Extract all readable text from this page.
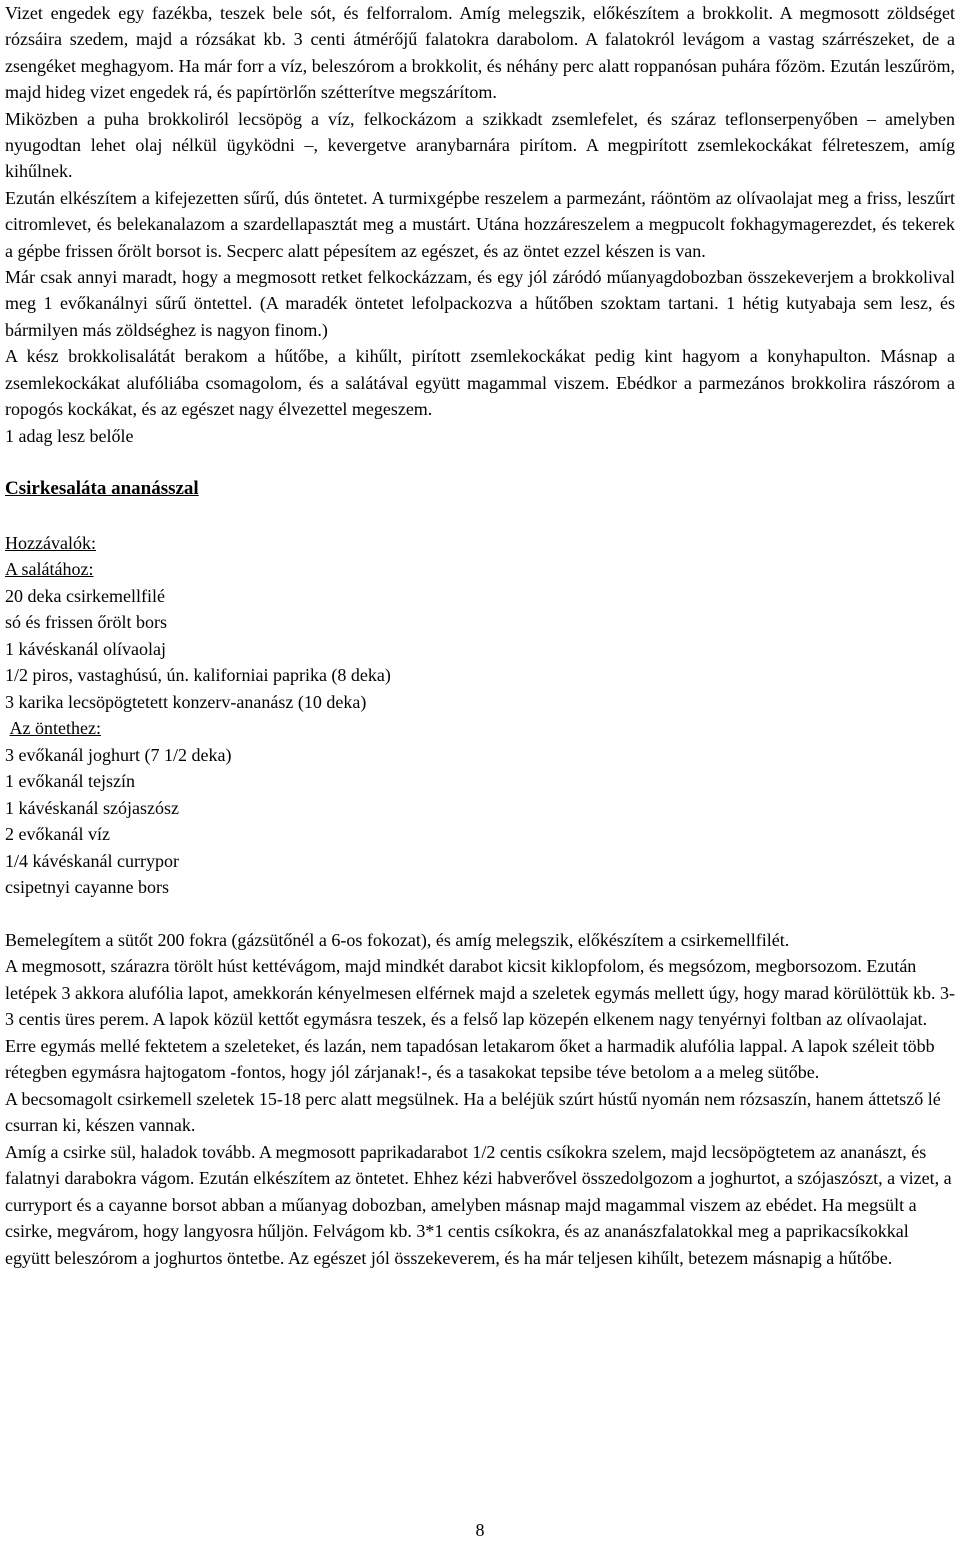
Vizet engedek egy fazékba, teszek bele sót, és felforralom. Amíg melegszik, előkészítem a brokkolit. A megmosott zöldséget rózsáira szedem, majd a rózsákat kb. 3 centi átmérőjű falatokra darabolom. A falatokról levágom a vastag szárrészeket, de a zsengéket meghagyom. Ha már forr a víz, beleszórom a brokkolit, és néhány perc alatt roppanósan puhára főzöm. Ezután leszűröm, majd hideg vizet engedek rá, és papírtörlőn szétterítve megszárítom.

Miközben a puha brokkoliról lecsöpög a víz, felkockázom a szikkadt zsemlefelet, és száraz teflonserpenyőben – amelyben nyugodtan lehet olaj nélkül ügyködni –, kevergetve aranybarnára pirítom. A megpirított zsemlekockákat félreteszem, amíg kihűlnek.

Ezután elkészítem a kifejezetten sűrű, dús öntetet. A turmixgépbe reszelem a parmezánt, ráöntöm az olívaolajat meg a friss, leszűrt citromlevet, és belekanalazom a szardellapasztát meg a mustárt. Utána hozzáreszelem a megpucolt fokhagymagerezdet, és tekerek a gépbe frissen őrölt borsot is. Secperc alatt pépesítem az egészet, és az öntet ezzel készen is van.

Már csak annyi maradt, hogy a megmosott retket felkockázzam, és egy jól záródó műanyagdobozban összekeverjem a brokkolival meg 1 evőkanálnyi sűrű öntettel. (A maradék öntetet lefolpackozva a hűtőben szoktam tartani. 1 hétig kutyabaja sem lesz, és bármilyen más zöldséghez is nagyon finom.)

A kész brokkolisalátát berakom a hűtőbe, a kihűlt, pirított zsemlekockákat pedig kint hagyom a konyhapulton. Másnap a zsemlekockákat alufóliába csomagolom, és a salátával együtt magammal viszem. Ebédkor a parmezános brokkolira rászórom a ropogós kockákat, és az egészet nagy élvezettel megeszem.

1 adag lesz belőle

Csirkesaláta ananásszal
Hozzávalók:
A salátához:
20 deka csirkemellfilé
só és frissen őrölt bors
1 kávéskanál olívaolaj
1/2 piros, vastaghúsú, ún. kaliforniai paprika (8 deka)
3 karika lecsöpögtetett konzerv-ananász (10 deka)
Az öntethez:
3 evőkanál joghurt (7 1/2 deka)
1 evőkanál tejszín
1 kávéskanál szójaszósz
2 evőkanál víz
1/4 kávéskanál currypor
csipetnyi cayanne bors

Bemelegítem a sütőt 200 fokra (gázsütőnél a 6-os fokozat), és amíg melegszik, előkészítem a csirkemellfilét.

A megmosott, szárazra törölt húst kettévágom, majd mindkét darabot kicsit kiklopfolom, és megsózom, megborsozom. Ezután letépek 3 akkora alufólia lapot, amekkorán kényelmesen elférnek majd a szeletek egymás mellett úgy, hogy marad körülöttük kb. 3-3 centis üres perem. A lapok közül kettőt egymásra teszek, és a felső lap közepén elkenem nagy tenyérnyi foltban az olívaolajat. Erre egymás mellé fektetem a szeleteket, és lazán, nem tapadósan letakarom őket a harmadik alufólia lappal. A lapok széleit több rétegben egymásra hajtogatom -fontos, hogy jól zárjanak!-, és a tasakokat tepsibe téve betolom a a meleg sütőbe.

A becsomagolt csirkemell szeletek 15-18 perc alatt megsülnek. Ha a beléjük szúrt hústű nyomán nem rózsaszín, hanem áttetsző lé csurran ki, készen vannak.

Amíg a csirke sül, haladok tovább. A megmosott paprikadarabot 1/2 centis csíkokra szelem, majd lecsöpögtetem az ananászt, és falatnyi darabokra vágom. Ezután elkészítem az öntetet. Ehhez kézi habverővel összedolgozom a joghurtot, a szójaszószt, a vizet, a curryport és a cayanne borsot abban a műanyag dobozban, amelyben másnap majd magammal viszem az ebédet. Ha megsült a csirke, megvárom, hogy langyosra hűljön. Felvágom kb. 3*1 centis csíkokra, és az ananászfalatokkal meg a paprikacsíkokkal együtt beleszórom a joghurtos öntetbe. Az egészet jól összekeverem, és ha már teljesen kihűlt, betezem másnapig a hűtőbe.

8
